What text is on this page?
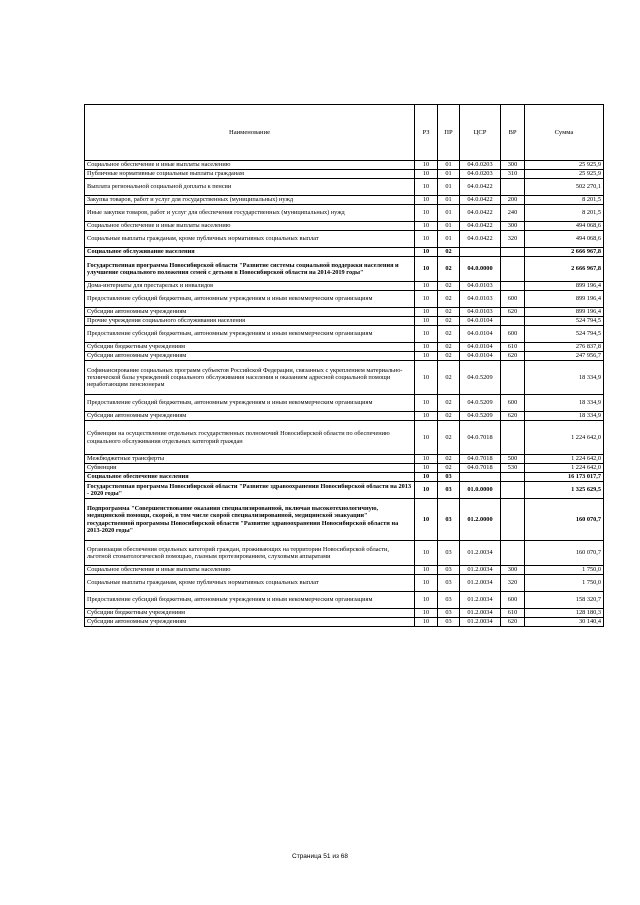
Наименование	РЗ	ПР	ЦСР	ВР	Сумма
Социальное обеспечение и иные выплаты населению	10	01	04.0.0203	300	25 925,9
Публичные нормативные социальные выплаты гражданам	10	01	04.0.0203	310	25 925,9
Выплата региональной социальной доплаты к пенсии	10	01	04.0.0422		502 270,1
Закупка товаров, работ и услуг для государственных (муниципальных) нужд	10	01	04.0.0422	200	8 201,5
Иные закупки товаров, работ и услуг для обеспечения государственных (муниципальных) нужд	10	01	04.0.0422	240	8 201,5
Социальное обеспечение и иные выплаты населению	10	01	04.0.0422	300	494 068,6
Социальные выплаты гражданам, кроме публичных нормативных социальных выплат	10	01	04.0.0422	320	494 068,6
Социальное обслуживание населения	10	02			2 666 967,8
Государственная программа Новосибирской области "Развитие системы социальной поддержки населения и улучшение социального положения семей с детьми в Новосибирской области на 2014-2019 годы"	10	02	04.0.0000		2 666 967,8
Дома-интернаты для престарелых и инвалидов	10	02	04.0.0103		899 196,4
Предоставление субсидий бюджетным, автономным учреждениям и иным некоммерческим организациям	10	02	04.0.0103	600	899 196,4
Субсидии автономным учреждениям	10	02	04.0.0103	620	899 196,4
Прочие учреждения социального обслуживания населения	10	02	04.0.0104		524 794,5
Предоставление субсидий бюджетным, автономным учреждениям и иным некоммерческим организациям	10	02	04.0.0104	600	524 794,5
Субсидии бюджетным учреждениям	10	02	04.0.0104	610	276 837,8
Субсидии автономным учреждениям	10	02	04.0.0104	620	247 956,7
Софинансирование социальных программ субъектов Российской Федерации, связанных с укреплением материально-технической базы учреждений социального обслуживания населения и оказанием адресной социальной помощи неработающим пенсионерам	10	02	04.0.5209		18 334,9
Предоставление субсидий бюджетным, автономным учреждениям и иным некоммерческим организациям	10	02	04.0.5209	600	18 334,9
Субсидии автономным учреждениям	10	02	04.0.5209	620	18 334,9
Субвенции на осуществление отдельных государственных полномочий Новосибирской области по обеспечению социального обслуживания отдельных категорий граждан	10	02	04.0.7018		1 224 642,0
Межбюджетные трансферты	10	02	04.0.7018	500	1 224 642,0
Субвенции	10	02	04.0.7018	530	1 224 642,0
Социальное обеспечение населения	10	03			16 173 017,7
Государственная программа Новосибирской области "Развитие здравоохранения Новосибирской области на 2013 - 2020 годы"	10	03	01.0.0000		1 325 629,5
Подпрограмма "Совершенствование оказания специализированной, включая высокотехнологичную, медицинской помощи, скорой, в том числе скорой специализированной, медицинской эвакуации" государственной программы Новосибирской области "Развитие здравоохранения Новосибирской области на 2013-2020 годы"	10	03	01.2.0000		160 070,7
Организация обеспечения отдельных категорий граждан, проживающих на территории Новосибирской области, льготной стоматологической помощью, глазным протезированием, слуховыми аппаратами	10	03	01.2.0034		160 070,7
Социальное обеспечение и иные выплаты населению	10	03	01.2.0034	300	1 750,0
Социальные выплаты гражданам, кроме публичных нормативных социальных выплат	10	03	01.2.0034	320	1 750,0
Предоставление субсидий бюджетным, автономным учреждениям и иным некоммерческим организациям	10	03	01.2.0034	600	158 320,7
Субсидии бюджетным учреждениям	10	03	01.2.0034	610	128 180,3
Субсидии автономным учреждениям	10	03	01.2.0034	620	30 140,4
Страница 51 из 68
